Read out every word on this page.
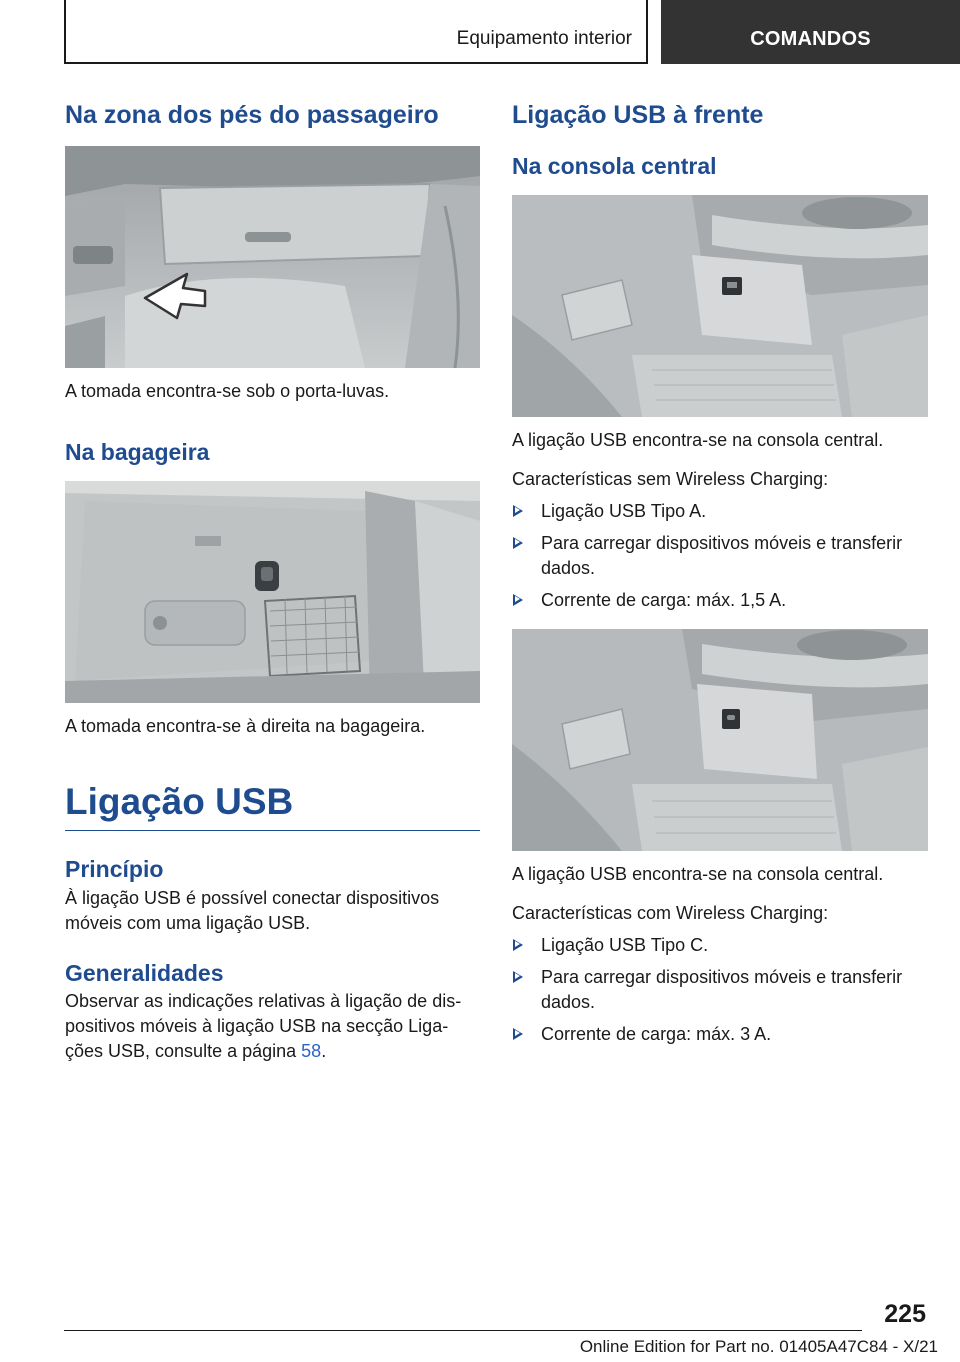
Equipamento interior	COMANDOS
Na zona dos pés do passageiro

A tomada encontra-se sob o porta-luvas.

Na bagageira

A tomada encontra-se à direita na bagageira.

Ligação USB
Princípio

À ligação USB é possível conectar dispositivos móveis com uma ligação USB.

Generalidades

Observar as indicações relativas à ligação de dis-
positivos móveis à ligação USB na secção Liga-
ções USB, consulte a página 58.

Ligação USB à frente
Na consola central

A ligação USB encontra-se na consola central.

Características sem Wireless Charging:

Ligação USB Tipo A.
Para carregar dispositivos móveis e transferir dados.
Corrente de carga: máx. 1,5 A.

A ligação USB encontra-se na consola central.

Características com Wireless Charging:

Ligação USB Tipo C.
Para carregar dispositivos móveis e transferir dados.
Corrente de carga: máx. 3 A.
225
Online Edition for Part no. 01405A47C84 - X/21
